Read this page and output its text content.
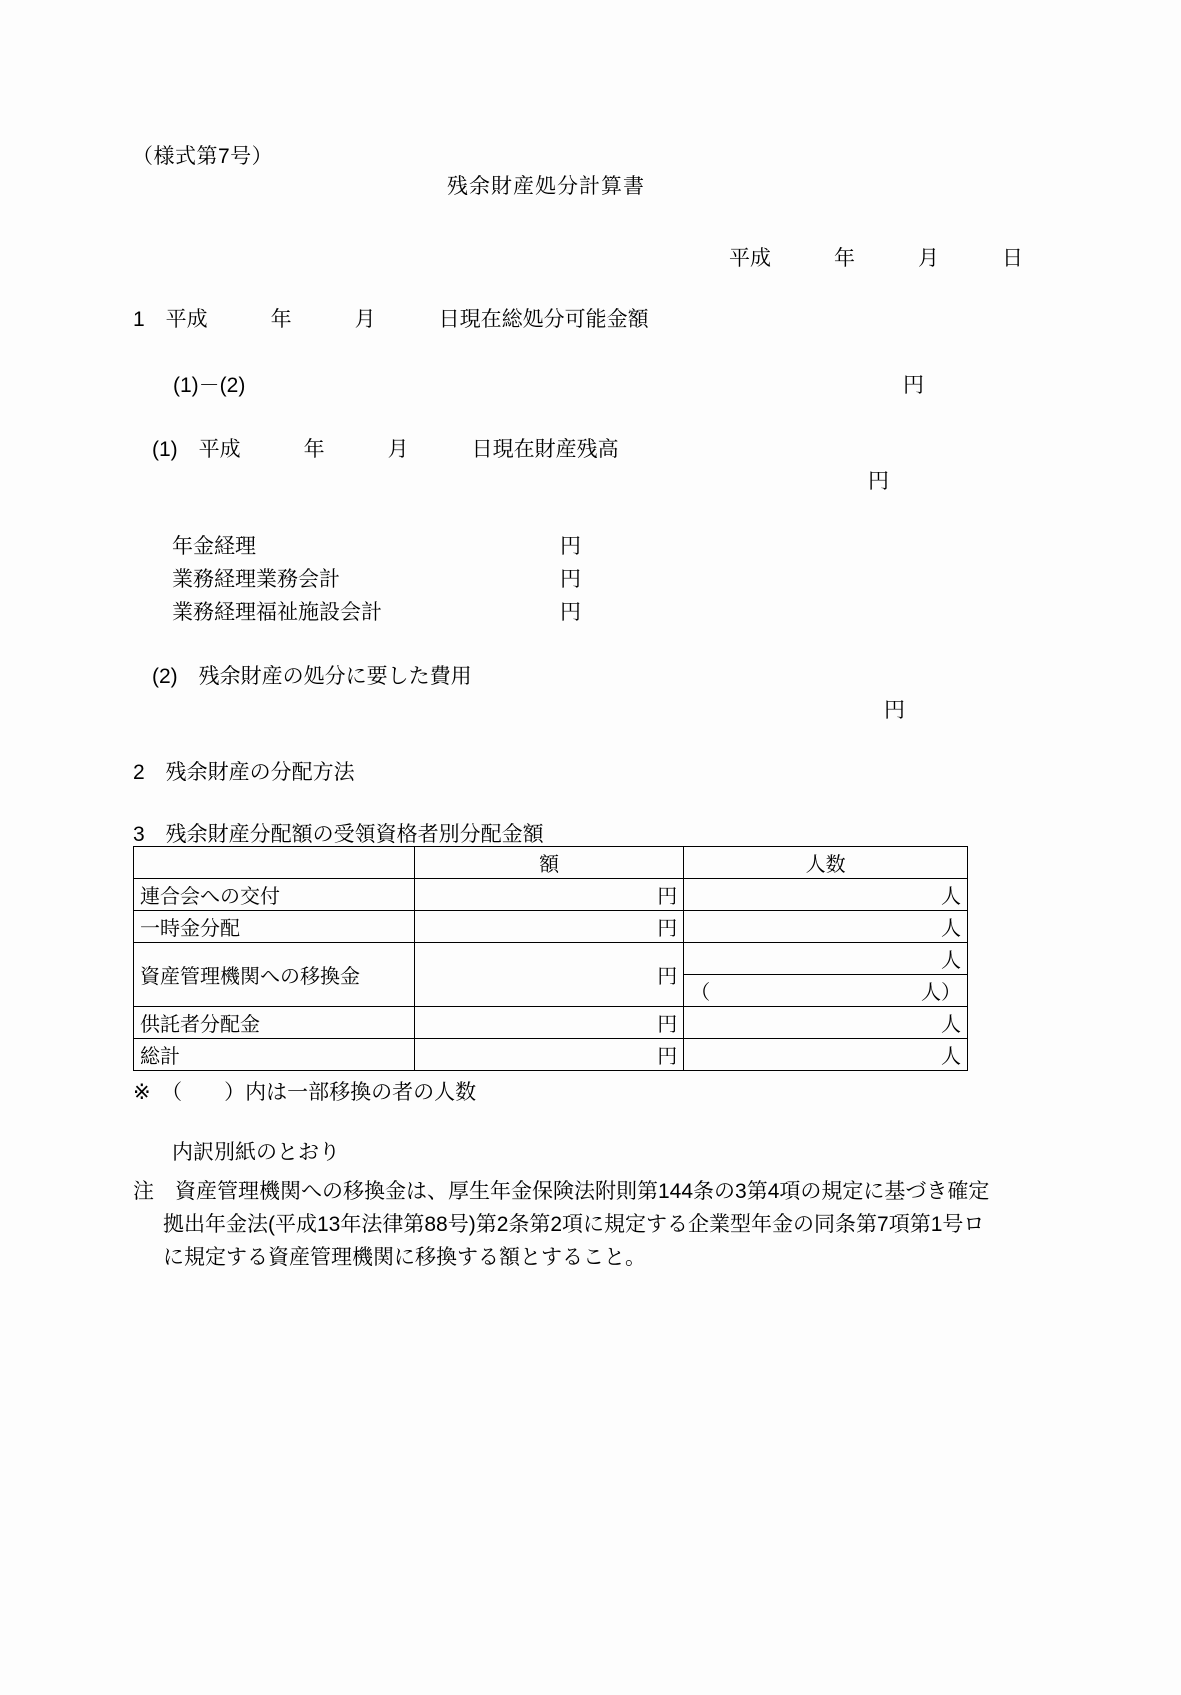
（様式第7号）
残余財産処分計算書
平成　　　年　　　月　　　日
1　平成　　　年　　　月　　　日現在総処分可能金額
(1)－(2)	円
(1)　平成　　　年　　　月　　　日現在財産残高
円
年金経理	円
業務経理業務会計	円
業務経理福祉施設会計	円
(2)　残余財産の処分に要した費用
円
2　残余財産の分配方法
3　残余財産分配額の受領資格者別分配金額
	額	人数
連合会への交付	円	人
一時金分配	円	人
資産管理機関への移換金	円	人

		（ 人）

供託者分配金	円	人
総計	円	人
※　（　　）内は一部移換の者の人数
内訳別紙のとおり
注　資産管理機関への移換金は、厚生年金保険法附則第144条の3第4項の規定に基づき確定
拠出年金法(平成13年法律第88号)第2条第2項に規定する企業型年金の同条第7項第1号ロ
に規定する資産管理機関に移換する額とすること。
